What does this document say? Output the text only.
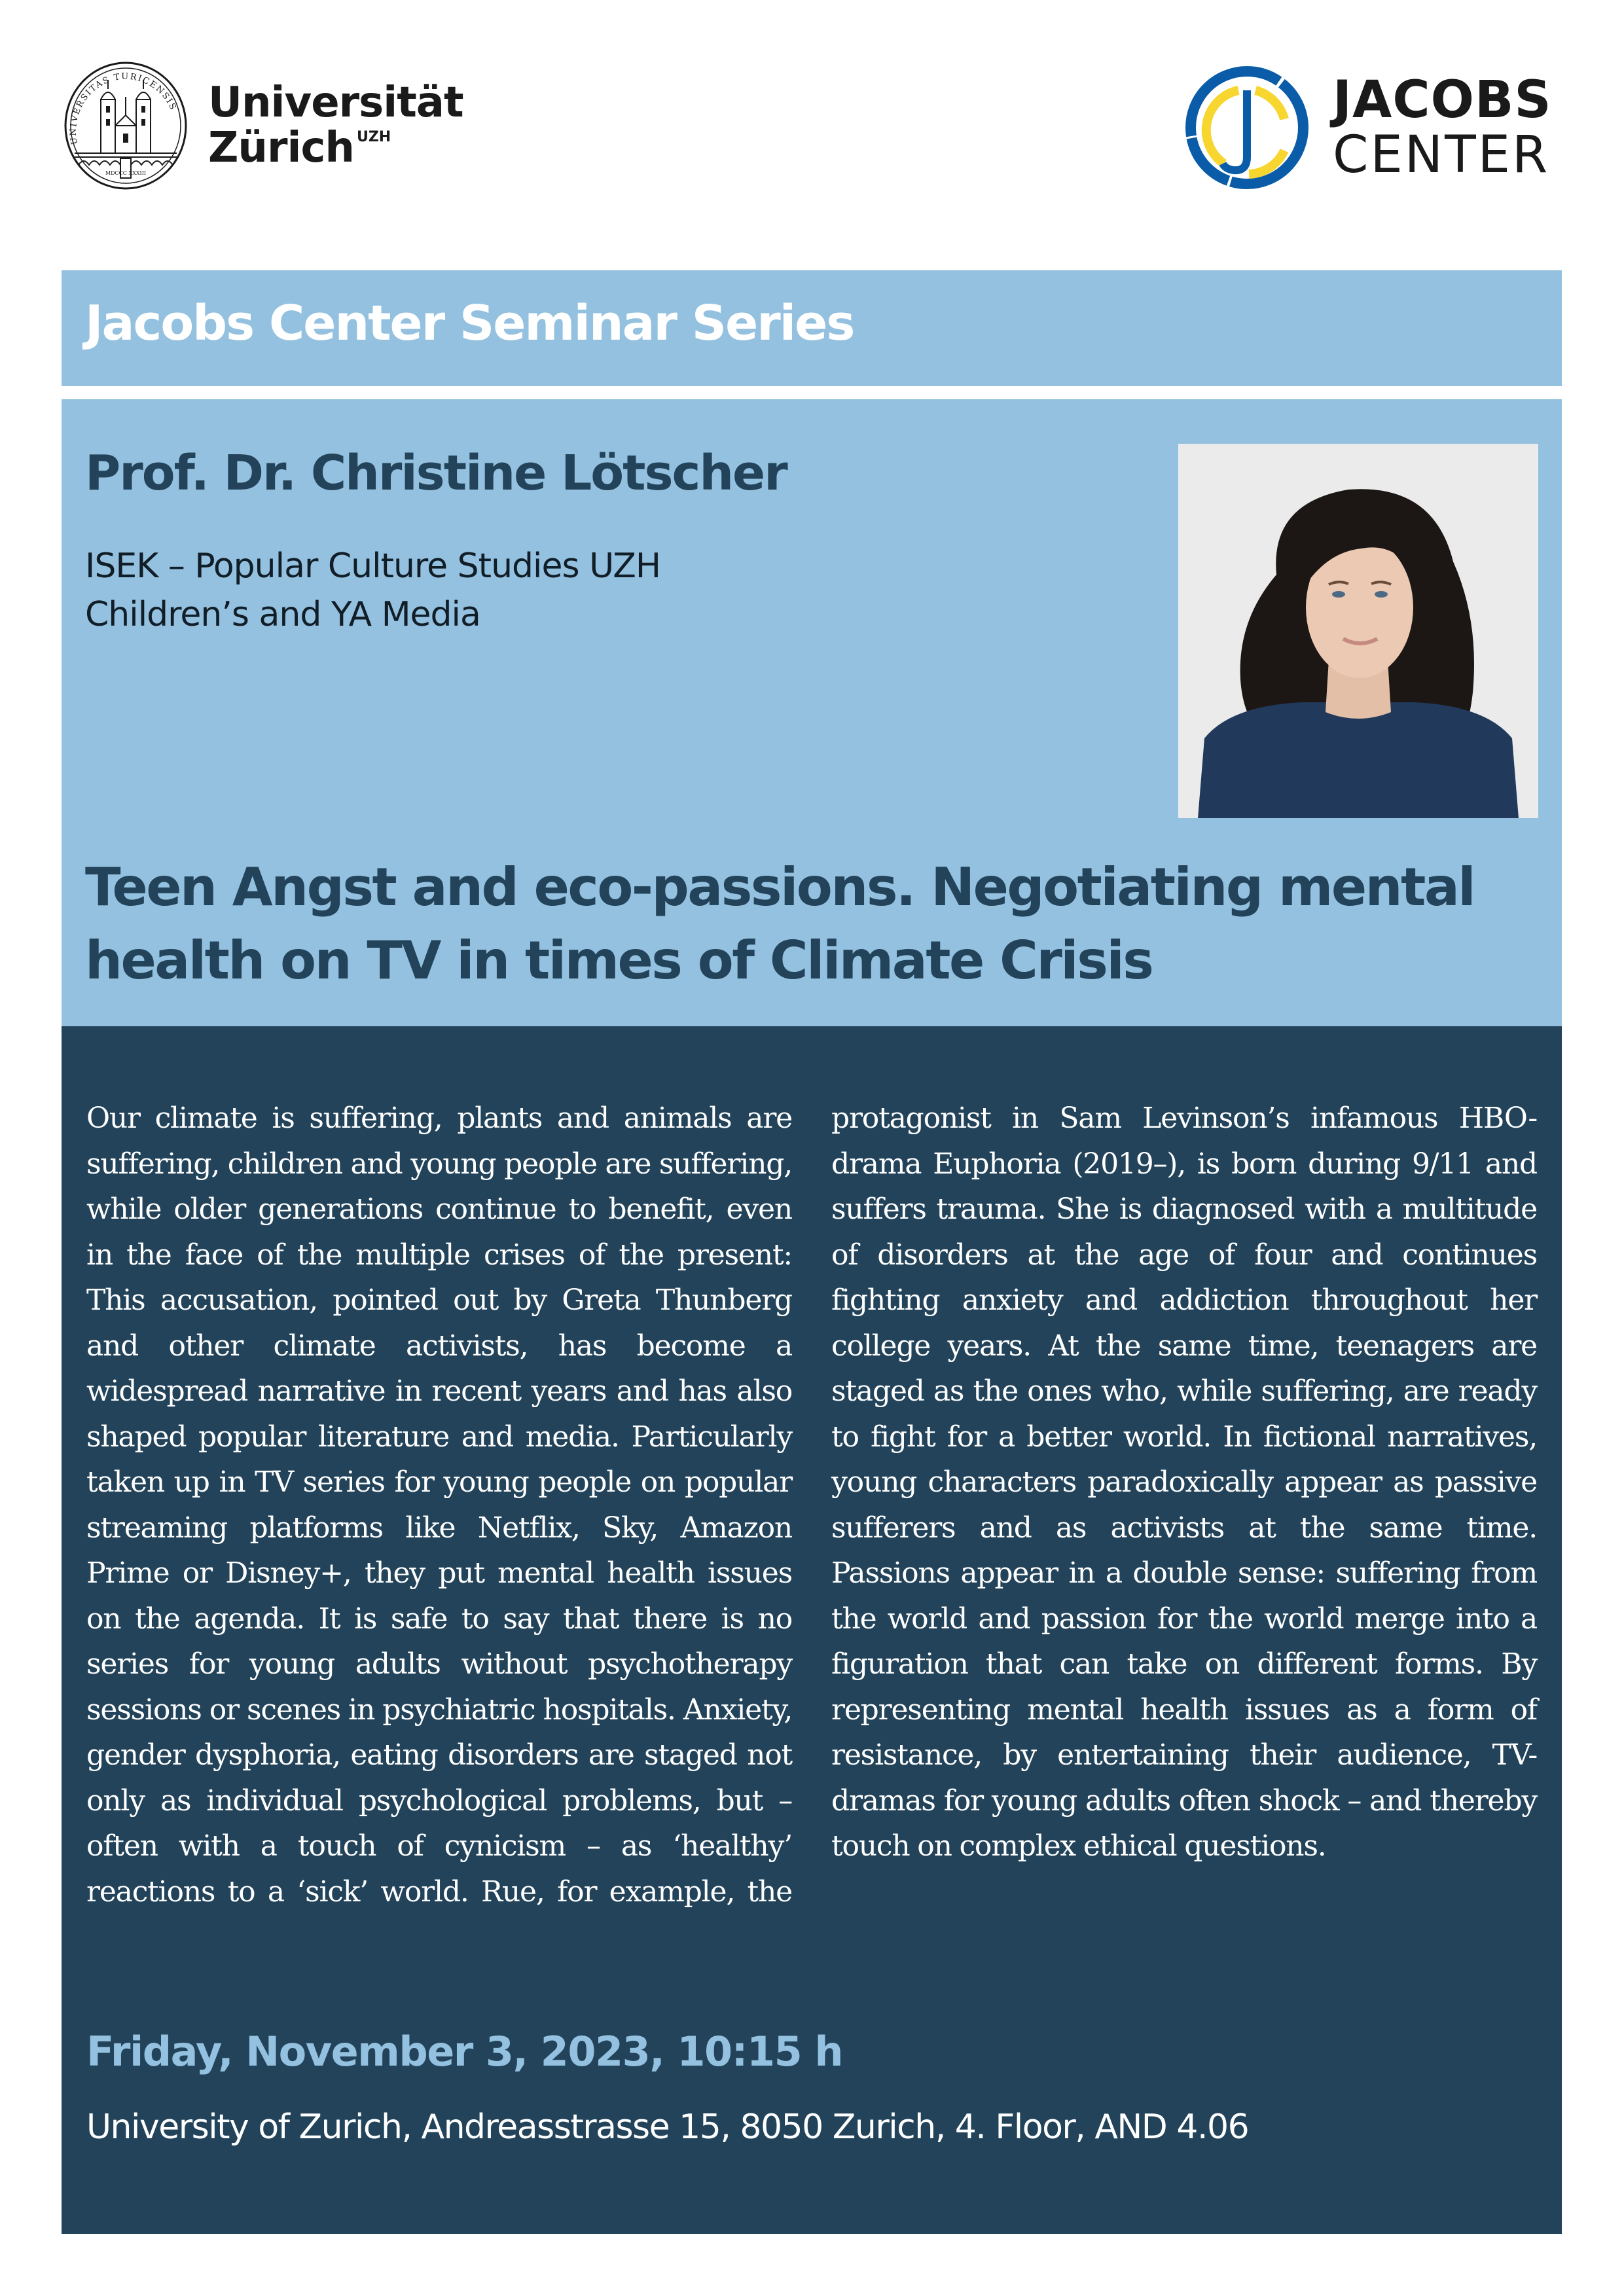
MDCCC XXXIII
UNIVERSITAS TURICENSIS Universität
Zürich $^{UZH}$
JACOBS
CENTER
Jacobs Center Seminar Series
Prof. Dr. Christine Lötscher
ISEK – Popular Culture Studies UZH
Children’s and YA Media
Teen Angst and eco-passions. Negotiating mental health on TV in times of Climate Crisis

Our climate is suffering, plants and animals are suffering, children and young people are suffering, while older generations continue to benefit, even in the face of the multiple crises of the present: This accusation, pointed out by Greta Thunberg and other climate activists, has become a widespread narrative in recent years and has also shaped popular literature and media. Particularly taken up in TV series for young people on popular streaming platforms like Netflix, Sky, Amazon Prime or Disney+, they put mental health issues on the agenda. It is safe to say that there is no series for young adults without psychotherapy sessions or scenes in psychiatric hospitals. Anxiety, gender dysphoria, eating disorders are staged not only as individual psychological problems, but – often with a touch of cynicism – as ‘healthy’ reactions to a ‘sick’ world. Rue, for example, the protagonist in Sam Levinson’s infamous HBO-drama Euphoria (2019–), is born during 9/11 and suffers trauma. She is diagnosed with a multitude of disorders at the age of four and continues fighting anxiety and addiction throughout her college years. At the same time, teenagers are staged as the ones who, while suffering, are ready to fight for a better world. In fictional narratives, young characters paradoxically appear as passive sufferers and as activists at the same time. Passions appear in a double sense: suffering from the world and passion for the world merge into a figuration that can take on different forms. By representing mental health issues as a form of resistance, by entertaining their audience, TV-dramas for young adults often shock – and thereby touch on complex ethical questions.

Friday, November 3, 2023, 10:15 h

University of Zurich, Andreasstrasse 15, 8050 Zurich, 4. Floor, AND 4.06
